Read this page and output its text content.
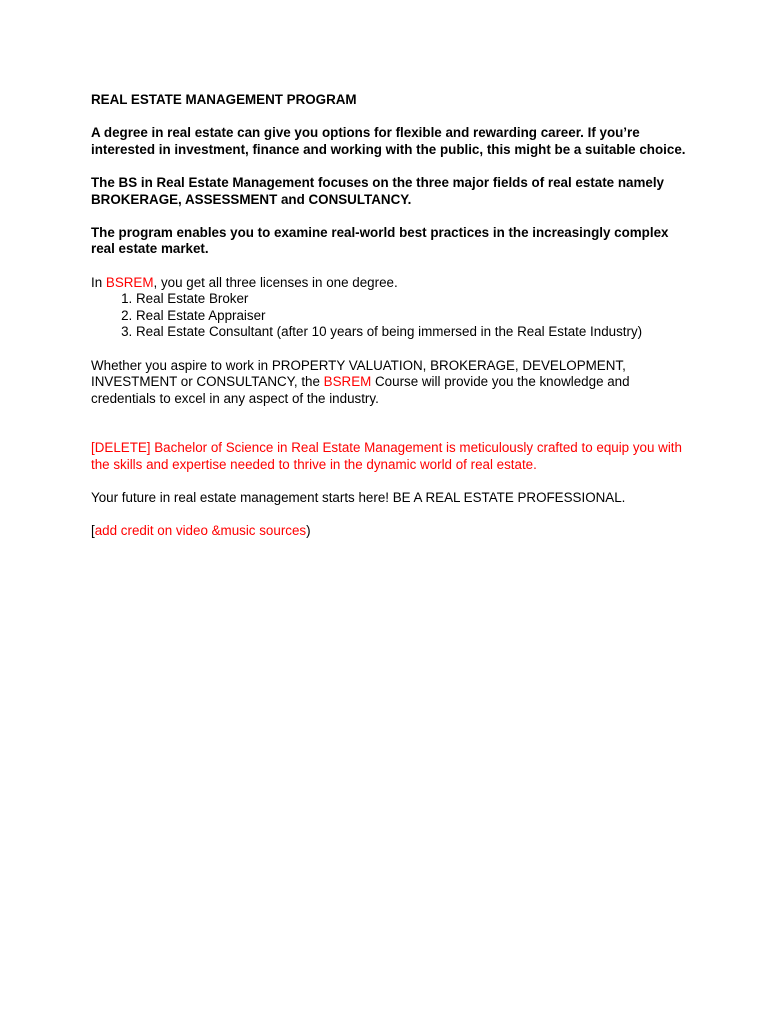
REAL ESTATE MANAGEMENT PROGRAM

A degree in real estate can give you options for flexible and rewarding career. If you’re interested in investment, finance and working with the public, this might be a suitable choice.

The BS in Real Estate Management focuses on the three major fields of real estate namely BROKERAGE, ASSESSMENT and CONSULTANCY.

The program enables you to examine real-world best practices in the increasingly complex real estate market.

In BSREM, you get all three licenses in one degree.

1. Real Estate Broker
2. Real Estate Appraiser
3. Real Estate Consultant (after 10 years of being immersed in the Real Estate Industry)

Whether you aspire to work in PROPERTY VALUATION, BROKERAGE, DEVELOPMENT, INVESTMENT or CONSULTANCY, the BSREM Course will provide you the knowledge and credentials to excel in any aspect of the industry.

[DELETE] Bachelor of Science in Real Estate Management is meticulously crafted to equip you with the skills and expertise needed to thrive in the dynamic world of real estate.

Your future in real estate management starts here! BE A REAL ESTATE PROFESSIONAL.

[add credit on video &music sources)
